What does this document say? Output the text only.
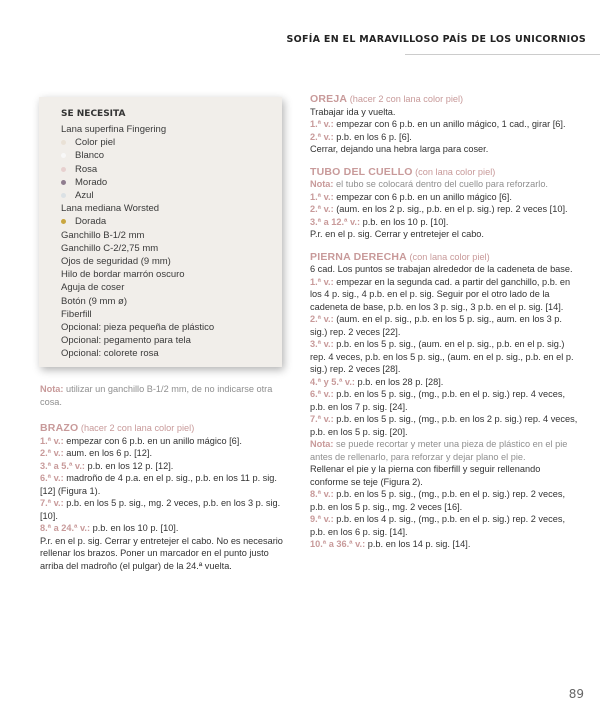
SOFÍA EN EL MARAVILLOSO PAÍS DE LOS UNICORNIOS
SE NECESITA
Lana superfina Fingering
Color piel
Blanco
Rosa
Morado
Azul
Lana mediana Worsted
Dorada
Ganchillo B-1/2 mm
Ganchillo C-2/2,75 mm
Ojos de seguridad (9 mm)
Hilo de bordar marrón oscuro
Aguja de coser
Botón (9 mm ø)
Fiberfill
Opcional: pieza pequeña de plástico
Opcional: pegamento para tela
Opcional: colorete rosa

Nota: utilizar un ganchillo B-1/2 mm, de no indicarse otra cosa.

BRAZO (hacer 2 con lana color piel)

1.ª v.: empezar con 6 p.b. en un anillo mágico [6].

2.ª v.: aum. en los 6 p. [12].

3.ª a 5.ª v.: p.b. en los 12 p. [12].

6.ª v.: madroño de 4 p.a. en el p. sig., p.b. en los 11 p. sig. [12] (Figura 1).

7.ª v.: p.b. en los 5 p. sig., mg. 2 veces, p.b. en los 3 p. sig. [10].

8.ª a 24.ª v.: p.b. en los 10 p. [10].

P.r. en el p. sig. Cerrar y entretejer el cabo. No es necesario rellenar los brazos. Poner un marcador en el punto justo arriba del madroño (el pulgar) de la 24.ª vuelta.

OREJA (hacer 2 con lana color piel)

Trabajar ida y vuelta.

1.ª v.: empezar con 6 p.b. en un anillo mágico, 1 cad., girar [6].

2.ª v.: p.b. en los 6 p. [6].

Cerrar, dejando una hebra larga para coser.

TUBO DEL CUELLO (con lana color piel)

Nota: el tubo se colocará dentro del cuello para reforzarlo.

1.ª v.: empezar con 6 p.b. en un anillo mágico [6].

2.ª v.: (aum. en los 2 p. sig., p.b. en el p. sig.) rep. 2 veces [10].

3.ª a 12.ª v.: p.b. en los 10 p. [10].

P.r. en el p. sig. Cerrar y entretejer el cabo.

PIERNA DERECHA (con lana color piel)

6 cad. Los puntos se trabajan alrededor de la cadeneta de base.

1.ª v.: empezar en la segunda cad. a partir del ganchillo, p.b. en los 4 p. sig., 4 p.b. en el p. sig. Seguir por el otro lado de la cadeneta de base, p.b. en los 3 p. sig., 3 p.b. en el p. sig. [14].

2.ª v.: (aum. en el p. sig., p.b. en los 5 p. sig., aum. en los 3 p. sig.) rep. 2 veces [22].

3.ª v.: p.b. en los 5 p. sig., (aum. en el p. sig., p.b. en el p. sig.) rep. 4 veces, p.b. en los 5 p. sig., (aum. en el p. sig., p.b. en el p. sig.) rep. 2 veces [28].

4.ª y 5.ª v.: p.b. en los 28 p. [28].

6.ª v.: p.b. en los 5 p. sig., (mg., p.b. en el p. sig.) rep. 4 veces, p.b. en los 7 p. sig. [24].

7.ª v.: p.b. en los 5 p. sig., (mg., p.b. en los 2 p. sig.) rep. 4 veces, p.b. en los 5 p. sig. [20].

Nota: se puede recortar y meter una pieza de plástico en el pie antes de rellenarlo, para reforzar y dejar plano el pie.

Rellenar el pie y la pierna con fiberfill y seguir rellenando conforme se teje (Figura 2).

8.ª v.: p.b. en los 5 p. sig., (mg., p.b. en el p. sig.) rep. 2 veces, p.b. en los 5 p. sig., mg. 2 veces [16].

9.ª v.: p.b. en los 4 p. sig., (mg., p.b. en el p. sig.) rep. 2 veces, p.b. en los 6 p. sig. [14].

10.ª a 36.ª v.: p.b. en los 14 p. sig. [14].

89
